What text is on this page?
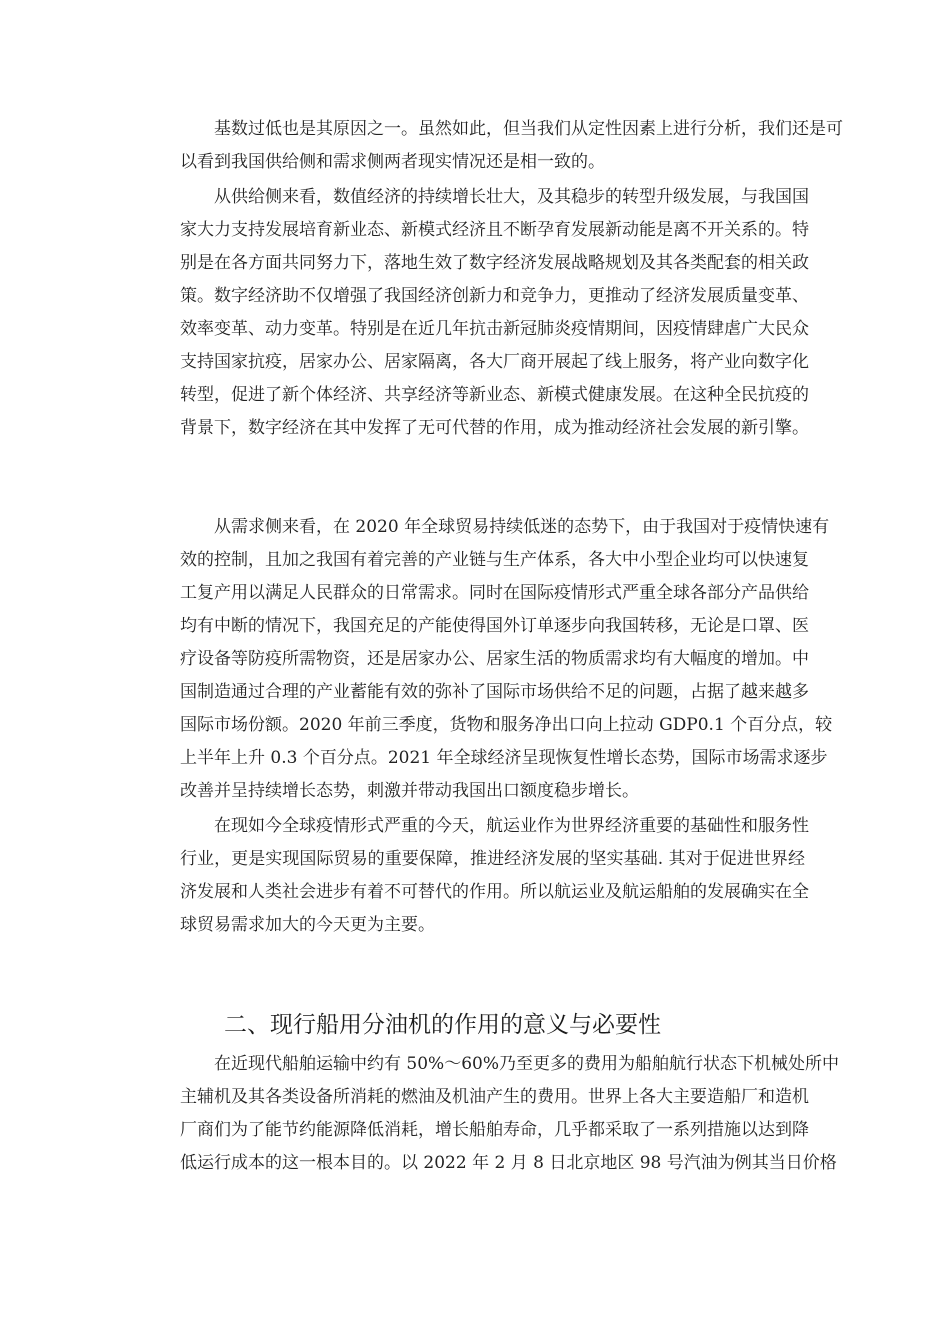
基数过低也是其原因之一。虽然如此，但当我们从定性因素上进行分析，我们还是可
以看到我国供给侧和需求侧两者现实情况还是相一致的。
从供给侧来看，数值经济的持续增长壮大，及其稳步的转型升级发展，与我国国
家大力支持发展培育新业态、新模式经济且不断孕育发展新动能是离不开关系的。特
别是在各方面共同努力下，落地生效了数字经济发展战略规划及其各类配套的相关政
策。数字经济助不仅增强了我国经济创新力和竞争力，更推动了经济发展质量变革、
效率变革、动力变革。特别是在近几年抗击新冠肺炎疫情期间，因疫情肆虐广大民众
支持国家抗疫，居家办公、居家隔离，各大厂商开展起了线上服务，将产业向数字化
转型，促进了新个体经济、共享经济等新业态、新模式健康发展。在这种全民抗疫的
背景下，数字经济在其中发挥了无可代替的作用，成为推动经济社会发展的新引擎。
从需求侧来看，在 2020 年全球贸易持续低迷的态势下，由于我国对于疫情快速有
效的控制，且加之我国有着完善的产业链与生产体系，各大中小型企业均可以快速复
工复产用以满足人民群众的日常需求。同时在国际疫情形式严重全球各部分产品供给
均有中断的情况下，我国充足的产能使得国外订单逐步向我国转移，无论是口罩、医
疗设备等防疫所需物资，还是居家办公、居家生活的物质需求均有大幅度的增加。中
国制造通过合理的产业蓄能有效的弥补了国际市场供给不足的问题，占据了越来越多
国际市场份额。2020 年前三季度，货物和服务净出口向上拉动 GDP0.1 个百分点，较
上半年上升 0.3 个百分点。2021 年全球经济呈现恢复性增长态势，国际市场需求逐步
改善并呈持续增长态势，刺激并带动我国出口额度稳步增长。
在现如今全球疫情形式严重的今天，航运业作为世界经济重要的基础性和服务性
行业，更是实现国际贸易的重要保障，推进经济发展的坚实基础. 其对于促进世界经
济发展和人类社会进步有着不可替代的作用。所以航运业及航运船舶的发展确实在全
球贸易需求加大的今天更为主要。
在近现代船舶运输中约有 50%～60%乃至更多的费用为船舶航行状态下机械处所中
主辅机及其各类设备所消耗的燃油及机油产生的费用。世界上各大主要造船厂和造机
厂商们为了能节约能源降低消耗，增长船舶寿命，几乎都采取了一系列措施以达到降
低运行成本的这一根本目的。以 2022 年 2 月 8 日北京地区 98 号汽油为例其当日价格
二、现行船用分油机的作用的意义与必要性
